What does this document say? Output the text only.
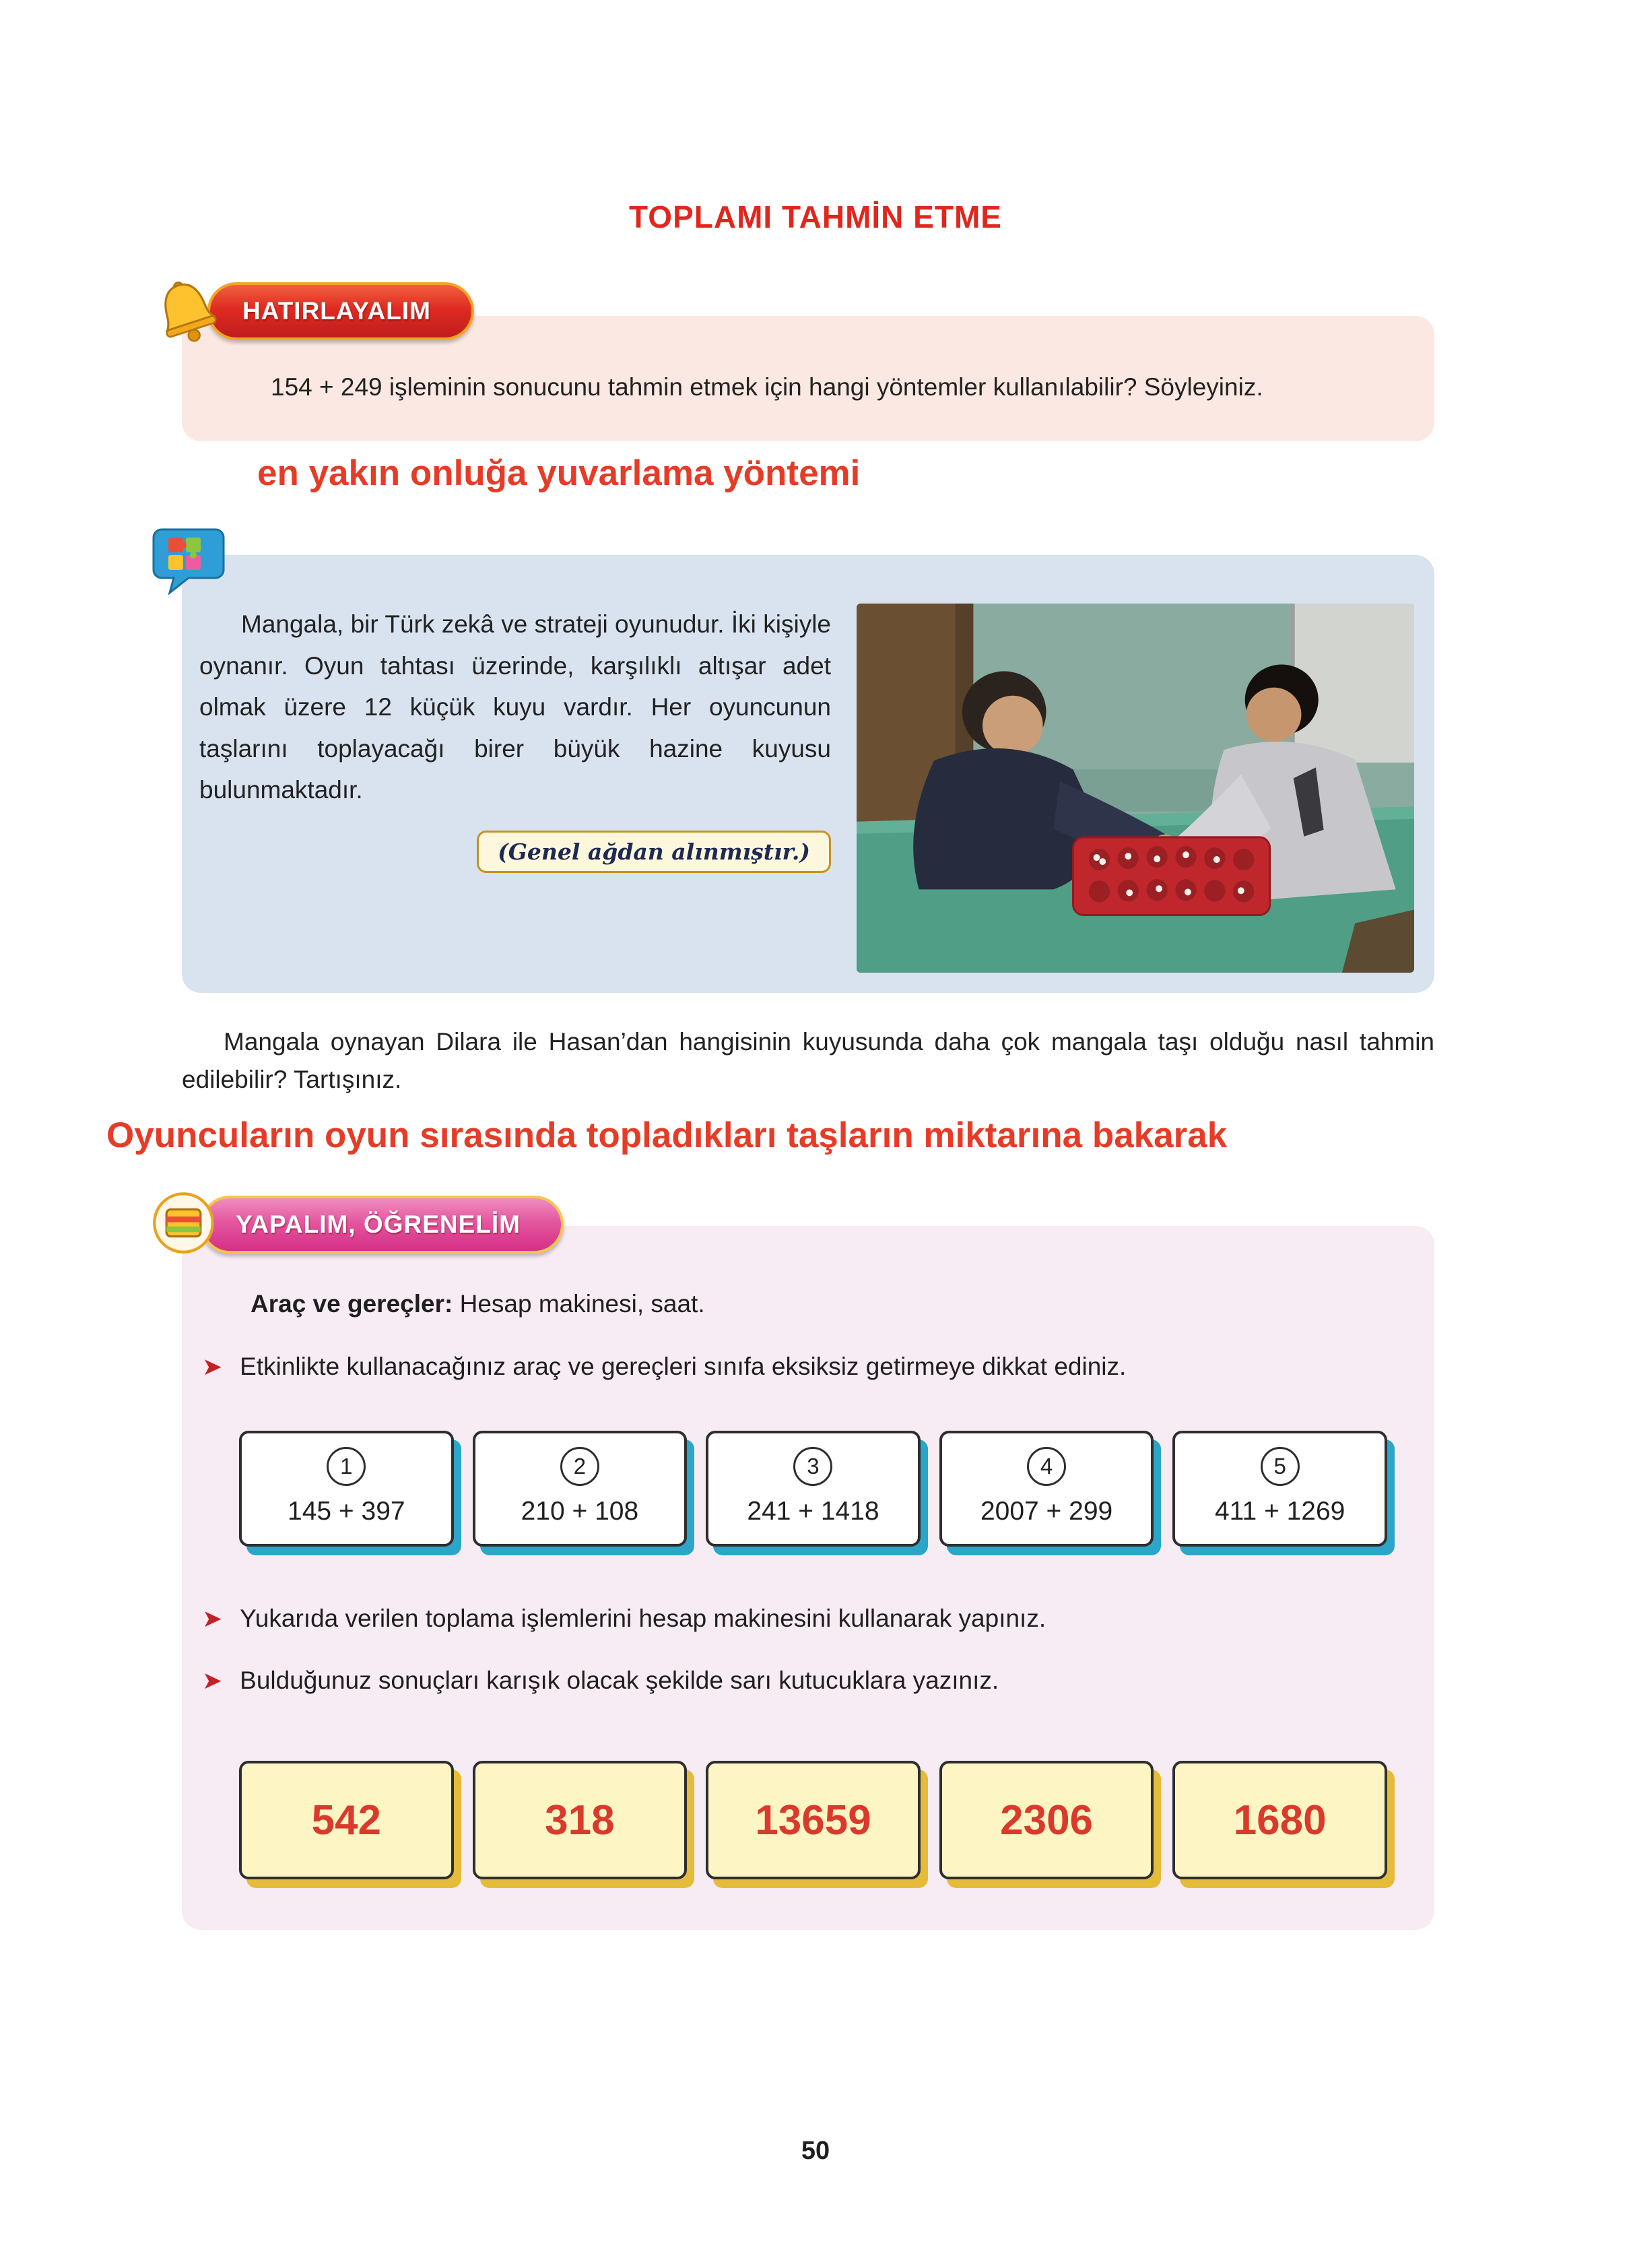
TOPLAMI TAHMİN ETME
HATIRLAYALIM

154 + 249 işleminin sonucunu tahmin etmek için hangi yöntemler kullanılabilir? Söyleyiniz.

en yakın onluğa yuvarlama yöntemi

Mangala, bir Türk zekâ ve strateji oyunudur. İki kişiyle oynanır. Oyun tahtası üzerinde, karşılıklı altışar adet olmak üzere 12 küçük kuyu vardır. Her oyuncunun taşlarını toplayacağı birer büyük hazine kuyusu bulunmaktadır.

(Genel ağdan alınmıştır.)

Mangala oynayan Dilara ile Hasan’dan hangisinin kuyusunda daha çok mangala taşı olduğu nasıl tahmin edilebilir? Tartışınız.

Oyuncuların oyun sırasında topladıkları taşların miktarına bakarak
YAPALIM, ÖĞRENELİM

Araç ve gereçler: Hesap makinesi, saat.

➤ Etkinlikte kullanacağınız araç ve gereçleri sınıfa eksiksiz getirmeye dikkat ediniz.
1
145 + 397
2
210 + 108
3
241 + 1418
4
2007 + 299
5
411 + 1269
➤ Yukarıda verilen toplama işlemlerini hesap makinesini kullanarak yapınız.
➤ Bulduğunuz sonuçları karışık olacak şekilde sarı kutucuklara yazınız.
542	318	13659	2306	1680
50
